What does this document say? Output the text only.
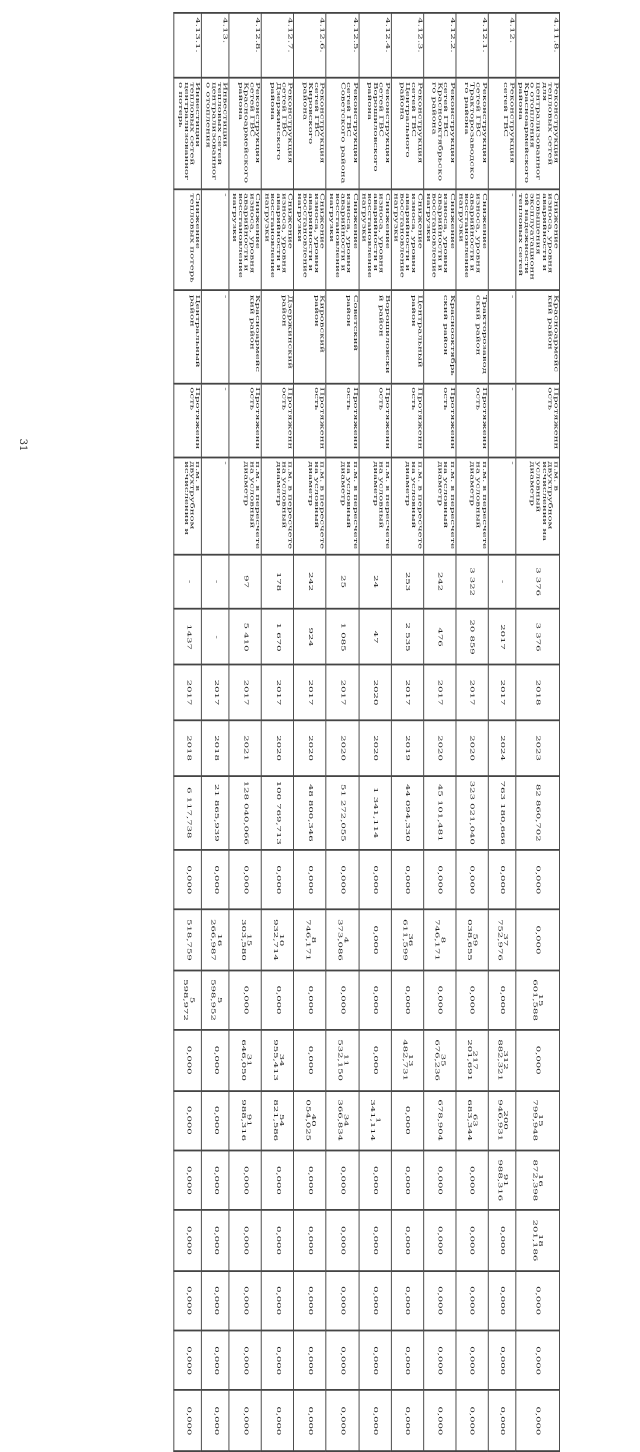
31
4.11.8.	Реконструкция тепловых сетей для централизованного отопления Красноармейского района	Снижение износа, уровня аварийности и повышения эксплуатационной надежности тепловых сетей	Красноармейский район	Протяженность	п.м. в двухтрубном исчислении на условный диаметр	3 376	3 376	2018	2023	82 860,702	0,000	0,000	15 601,588	0,000	15 799,948	16 872,398	18 201,186	0,000	0,000	0,000
4.12.	Реконструкция сетей ГВС	-	-	-	-	-	2017	2017	2024	763 180,666	0,000	37 752,976	0,000	312 882,321	200 946,931	91 988,316	0,000	0,000	0,000	0,000
4.12.1.	Реконструкция сетей ГВС Тракторозаводского района	Снижение износа, уровня аварийности и восстановление нагрузки	Тракторозаводский район	Протяженность	п.м. в пересчете на условный диаметр	3 322	20 859	2017	2020	323 021,040	0,000	59 038,655	0,000	217 201,691	63 683,344	0,000	0,000	0,000	0,000	0,000
4.12.2.	Реконструкция сетей ГВС Краснооктябрьского района	Снижение износа, уровня аварийности и восстановление нагрузки	Краснооктябрьский район	Протяженность	п.м. в пересчете на условный диаметр	242	476	2017	2020	45 101,481	0,000	8 746,171	0,000	35 676,236	678,904	0,000	0,000	0,000	0,000	0,000
4.12.3.	Реконструкция сетей ГВС Центрального района	Снижение износа, уровня аварийности и восстановление нагрузки	Центральный район	Протяженность	п.м. в пересчете на условный диаметр	253	2 535	2017	2019	44 094,330	0,000	36 611,599	0,000	13 482,731	0,000	0,000	0,000	0,000	0,000	0,000
4.12.4.	Реконструкция сетей ГВС Ворошиловского района	Снижение износа, уровня аварийности и восстановление нагрузки	Ворошиловский район	Протяженность	п.м. в пересчете на условный диаметр	24	47	2020	2020	1 341,114	0,000	0,000	0,000	0,000	1 341,114	0,000	0,000	0,000	0,000	0,000
4.12.5.	Реконструкция сетей ГВС Советского района	Снижение износа, уровня аварийности и восстановление нагрузки	Советский район	Протяженность	п.м. в пересчете на условный диаметр	25	1 085	2017	2020	51 272,055	0,000	4 373,086	0,000	11 532,150	34 366,834	0,000	0,000	0,000	0,000	0,000
4.12.6.	Реконструкция сетей ГВС Кировского района	Снижение износа, уровня аварийности и восстановление нагрузки	Кировский район	Протяженность	п.м. в пересчете на условный диаметр	242	924	2017	2020	48 800,346	0,000	8 746,171	0,000	0,000	40 054,025	0,000	0,000	0,000	0,000	0,000
4.12.7.	Реконструкция сетей ГВС Дзержинского района	Снижение износа, уровня аварийности и восстановление нагрузки	Дзержинский район	Протяженность	п.м. в пересчете на условный диаметр	178	1 670	2017	2020	100 769,713	0,000	10 932,714	0,000	34 955,413	54 821,586	0,000	0,000	0,000	0,000	0,000
4.12.8.	Реконструкция сетей ГВС Красноармейского района	Снижение износа, уровня аварийности и восстановление нагрузки	Красноармейский район	Протяженность	п.м. в пересчете на условный диаметр	97	5 410	2017	2021	128 040,066	0,000	15 303,580	0,000	31 646,050	91 988,316	0,000	0,000	0,000	0,000	0,000
4.13.	Инвестиции тепловых сетей централизованного отопления	-	-	-	-	-	-	2017	2018	21 865,939	0,000	16 266,987	5 598,952	0,000	0,000	0,000	0,000	0,000	0,000	0,000
4.13.1.	Инвестиции тепловых сетей централизованного потерь	Снижение тепловых потерь	Центральный район	Протяженность	п.м. в двухтрубном исчислении и	-	1437	2017	2018	6 117,738	0,000	518,759	5 598,972	0,000	0,000	0,000	0,000	0,000	0,000	0,000
